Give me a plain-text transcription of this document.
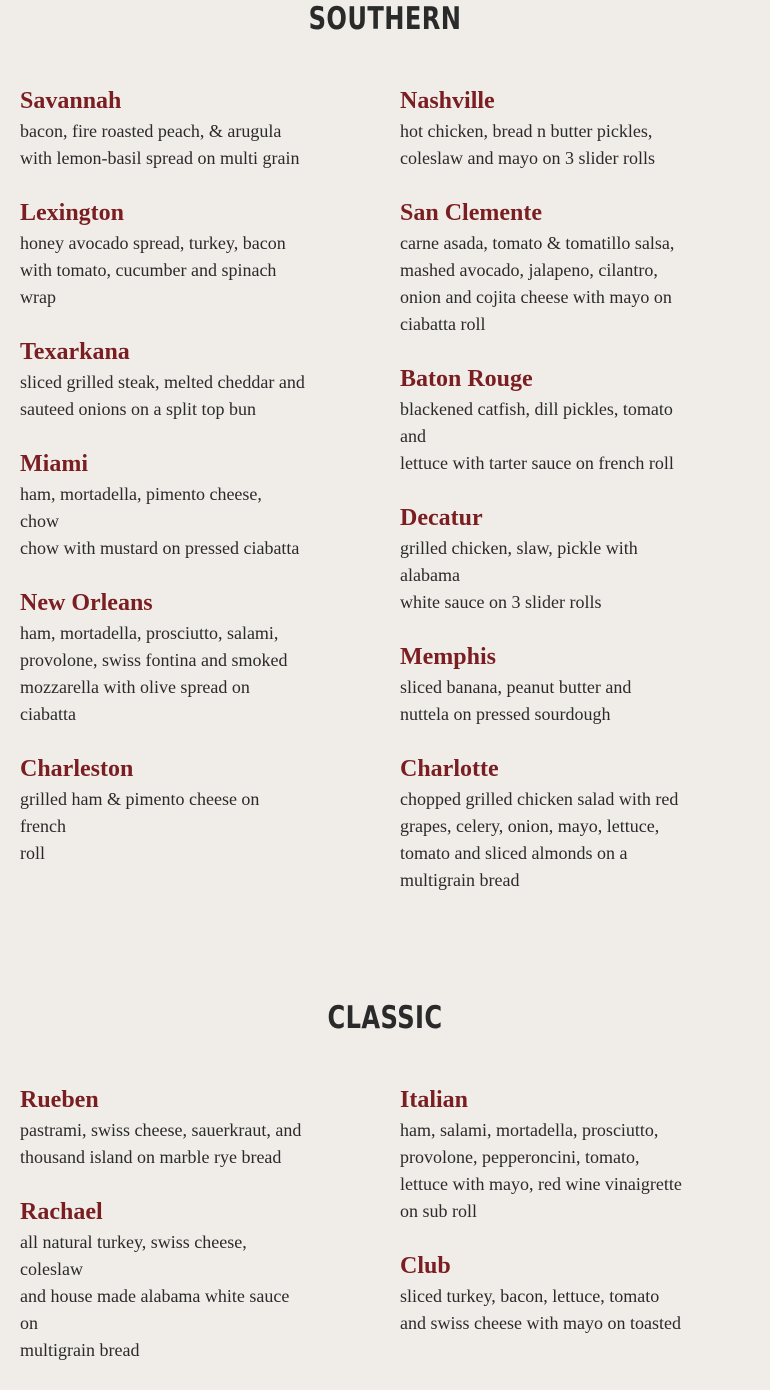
SOUTHERN
Savannah

bacon, fire roasted peach, & arugula
with lemon-basil spread on multi grain

Lexington

honey avocado spread, turkey, bacon
with tomato, cucumber and spinach
wrap

Texarkana

sliced grilled steak, melted cheddar and
sauteed onions on a split top bun

Miami

ham, mortadella, pimento cheese, chow
chow with mustard on pressed ciabatta

New Orleans

ham, mortadella, prosciutto, salami,
provolone, swiss fontina and smoked
mozzarella with olive spread on ciabatta

Charleston

grilled ham & pimento cheese on french
roll

Nashville

hot chicken, bread n butter pickles,
coleslaw and mayo on 3 slider rolls

San Clemente

carne asada, tomato & tomatillo salsa,
mashed avocado, jalapeno, cilantro,
onion and cojita cheese with mayo on
ciabatta roll

Baton Rouge

blackened catfish, dill pickles, tomato
and
lettuce with tarter sauce on french roll

Decatur

grilled chicken, slaw, pickle with alabama
white sauce on 3 slider rolls

Memphis

sliced banana, peanut butter and
nuttela on pressed sourdough

Charlotte

chopped grilled chicken salad with red
grapes, celery, onion, mayo, lettuce,
tomato and sliced almonds on a
multigrain bread

CLASSIC
Rueben

pastrami, swiss cheese, sauerkraut, and
thousand island on marble rye bread

Rachael

all natural turkey, swiss cheese, coleslaw
and house made alabama white sauce on
multigrain bread

Italian

ham, salami, mortadella, prosciutto,
provolone, pepperoncini, tomato,
lettuce with mayo, red wine vinaigrette
on sub roll

Club

sliced turkey, bacon, lettuce, tomato
and swiss cheese with mayo on toasted
